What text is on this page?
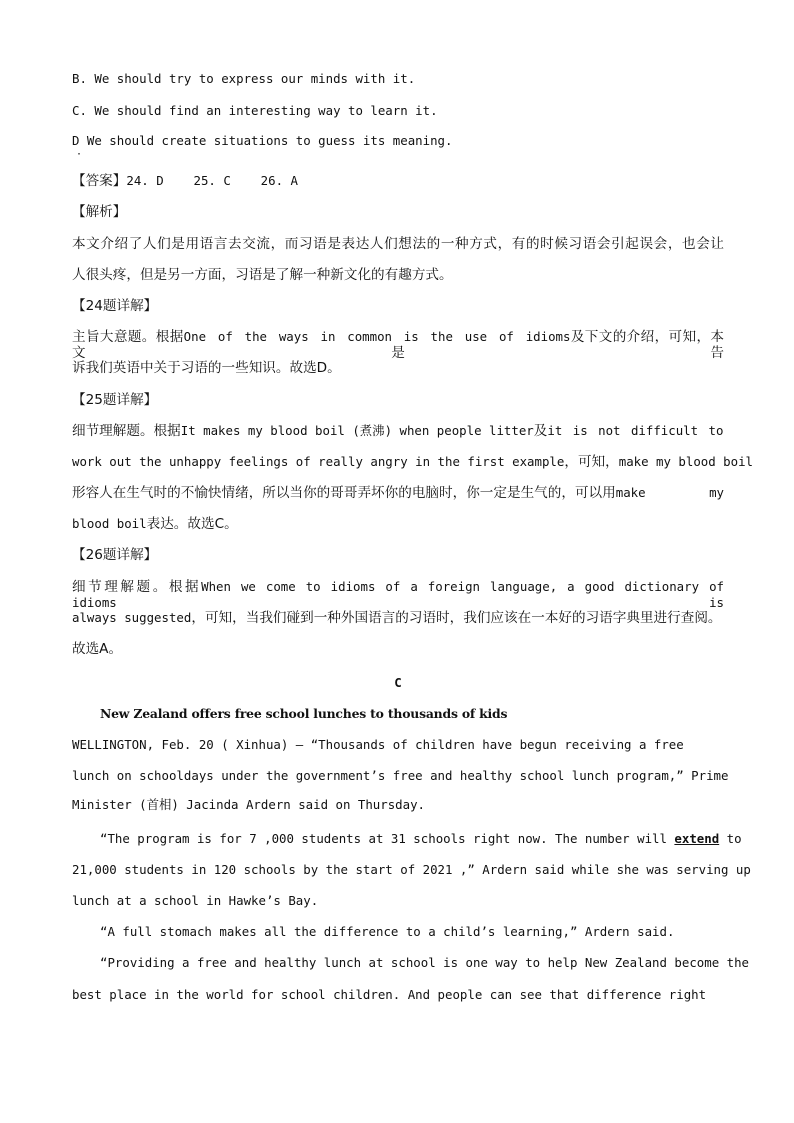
B. We should try to express our minds with it.
C. We should find an interesting way to learn it.
D We should create situations to guess its meaning.
【答案】24. D    25. C    26. A
【解析】
本文介绍了人们是用语言去交流，而习语是表达人们想法的一种方式，有的时候习语会引起误会，也会让
人很头疼，但是另一方面，习语是了解一种新文化的有趣方式。
【24题详解】
主旨大意题。根据One of the ways in common is the use of idioms及下文的介绍，可知，本文是告
诉我们英语中关于习语的一些知识。故选D。
【25题详解】
细节理解题。根据It makes my blood boil (煮沸) when people litter及it is not difficult to
work out the unhappy feelings of really angry in the first example，可知，make my blood boil
形容人在生气时的不愉快情绪，所以当你的哥哥弄坏你的电脑时，你一定是生气的，可以用make	my
blood boil表达。故选C。
【26题详解】
细节理解题。根据When we come to idioms of a foreign language, a good dictionary of idioms is
always suggested，可知，当我们碰到一种外国语言的习语时，我们应该在一本好的习语字典里进行查阅。
故选A。
C
New Zealand offers free school lunches to thousands of kids
WELLINGTON, Feb. 20 ( Xinhua) – “Thousands of children have begun receiving a free
lunch on schooldays under the government’s free and healthy school lunch program,” Prime
Minister (首相) Jacinda Ardern said on Thursday.
“The program is for 7 ,000 students at 31 schools right now. The number will extend to
21,000 students in 120 schools by the start of 2021 ,” Ardern said while she was serving up
lunch at a school in Hawke’s Bay.
“A full stomach makes all the difference to a child’s learning,” Ardern said.
“Providing a free and healthy lunch at school is one way to help New Zealand become the
best place in the world for school children. And people can see that difference right
·
